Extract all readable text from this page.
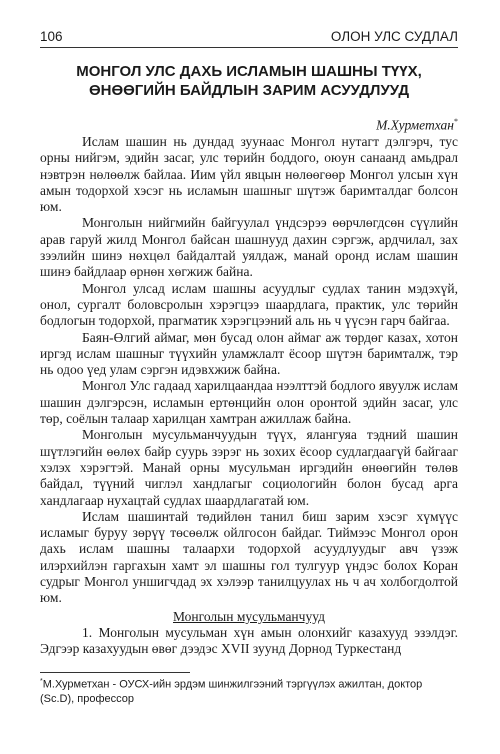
106	ОЛОН УЛС СУДЛАЛ
МОНГОЛ УЛС ДАХЬ ИСЛАМЫН ШАШНЫ ТҮҮХ,
ӨНӨӨГИЙН БАЙДЛЫН ЗАРИМ АСУУДЛУУД
М.Хурметхан*

Ислам шашин нь дундад зуунаас Монгол нутагт дэлгэрч, тус орны нийгэм, эдийн засаг, улс төрийн боддого, оюун санаанд амьдрал нэвтрэн нөлөөлж байлаа. Иим үйл явцын нөлөөгөөр Монгол улсын хүн амын тодорхой хэсэг нь исламын шашныг шүтэж баримталдаг болсон юм.

Монголын нийгмийн байгуулал үндсэрээ өөрчлөгдсөн сүүлийн арав гаруй жилд Монгол байсан шашнууд дахин сэргэж, ардчилал, зах зээлийн шинэ нөхцөл байдалтай уялдаж, манай оронд ислам шашин шинэ байдлаар өрнөн хөгжиж байна.

Монгол улсад ислам шашны асуудлыг судлах танин мэдэхүй, онол, сургалт боловсролын хэрэгцээ шаардлага, практик, улс төрийн бодлогын тодорхой, прагматик хэрэгцээний аль нь ч үүсэн гарч байгаа.

Баян-Өлгий аймаг, мөн бусад олон аймаг аж төрдөг казах, хотон иргэд ислам шашныг түүхийн уламжлалт ёсоор шүтэн баримталж, тэр нь одоо үед улам сэргэн идэвхжиж байна.

Монгол Улс гадаад харилцаандаа нээлттэй бодлого явуулж ислам шашин дэлгэрсэн, исламын ертөнцийн олон оронтой эдийн засаг, улс төр, соёлын талаар харилцан хамтран ажиллаж байна.

Монголын мусульманчуудын түүх, ялангуяа тэдний шашин шүтлэгийн өөлөх байр суурь зэрэг нь зохих ёсоор судлагдаагүй байгааг хэлэх хэрэгтэй. Манай орны мусульман иргэдийн өнөөгийн төлөв байдал, түүний чиглэл хандлагыг социологийн болон бусад арга хандлагаар нухацтай судлах шаардлагатай юм.

Ислам шашинтай төдийлөн танил биш зарим хэсэг хүмүүс исламыг буруу зөрүү төсөөлж ойлгосон байдаг. Тиймээс Монгол орон дахь ислам шашны талаархи тодорхой асуудлуудыг авч үзэж илэрхийлэн гаргахын хамт эл шашны гол тулгуур үндэс болох Коран судрыг Монгол уншигчдад эх хэлээр танилцуулах нь ч ач холбогдолтой юм.

Монголын мусульманчууд

1. Монголын мусульман хүн амын олонхийг казахууд эзэлдэг. Эдгээр казахуудын өвөг дээдэс XVII зуунд Дорнод Туркестанд

*М.Хурметхан - ОУСХ-ийн эрдэм шинжилгээний тэргүүлэх ажилтан, доктор (Sc.D), профессор
